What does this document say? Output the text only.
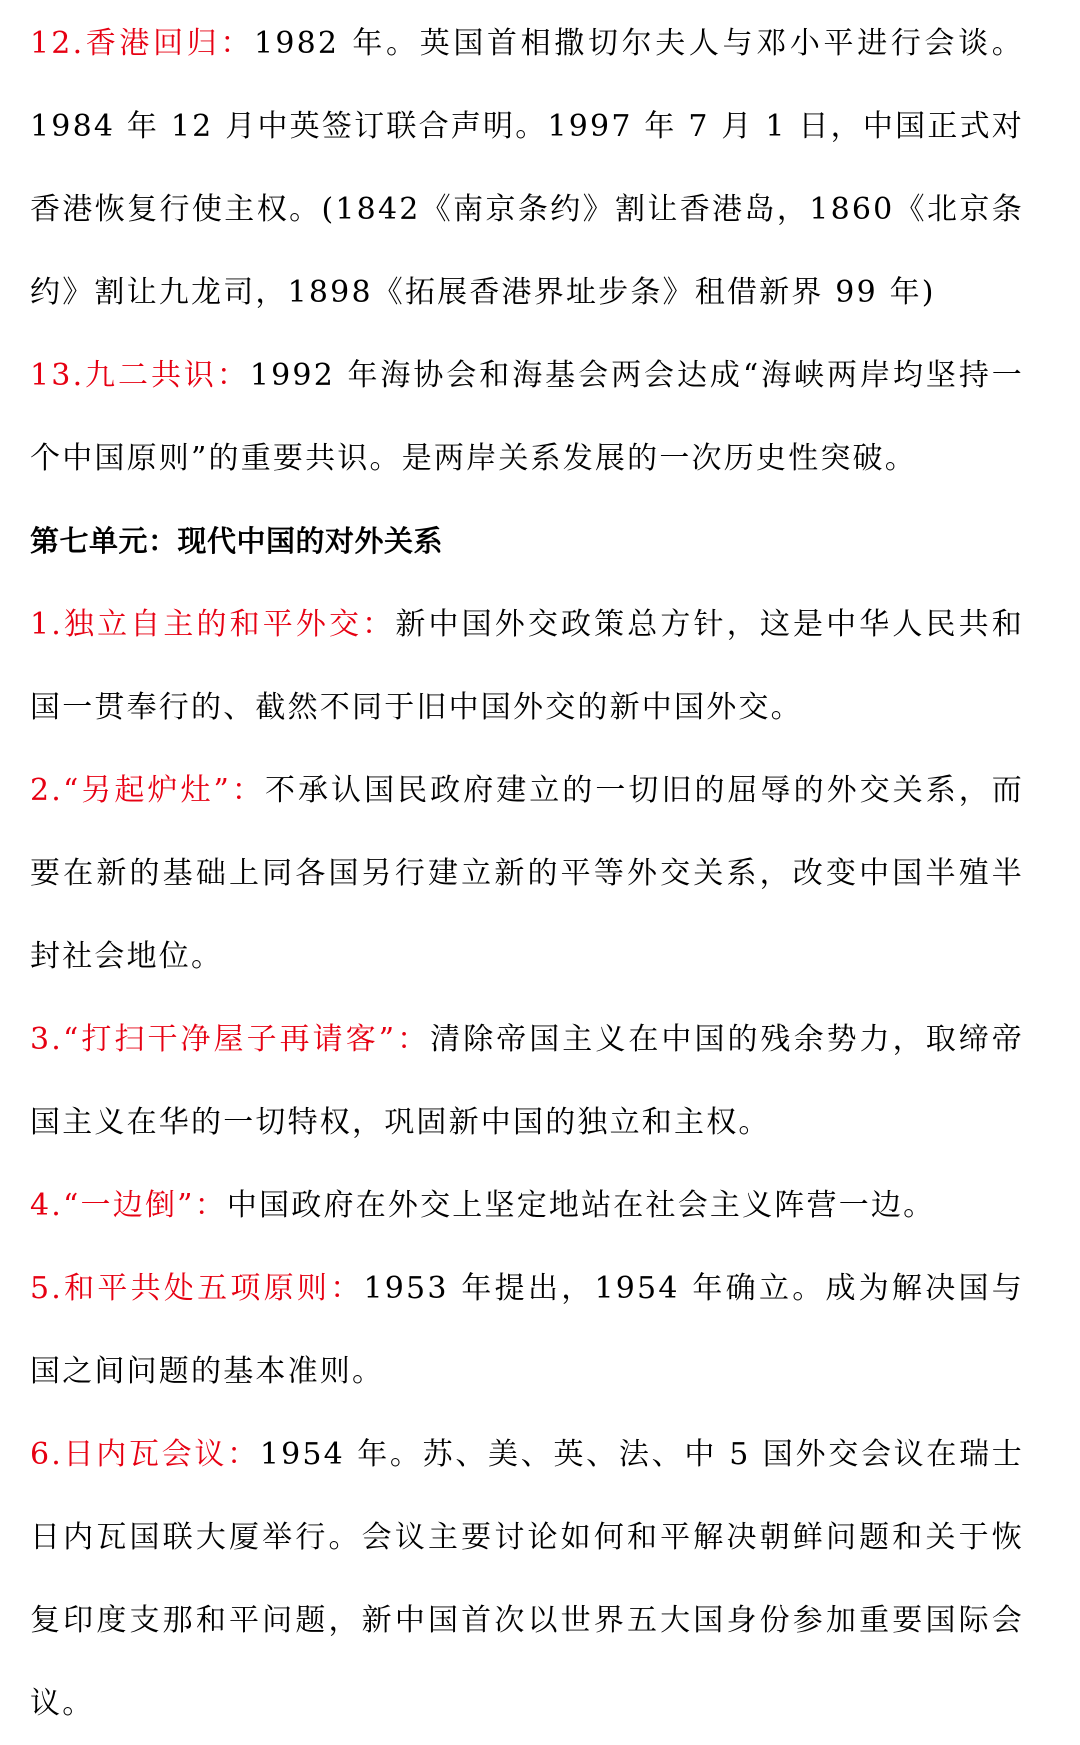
12.香港回归：1982 年。英国首相撒切尔夫人与邓小平进行会谈。1984 年 12 月中英签订联合声明。1997 年 7 月 1 日，中国正式对香港恢复行使主权。(1842《南京条约》割让香港岛，1860《北京条约》割让九龙司，1898《拓展香港界址步条》租借新界 99 年)

13.九二共识：1992 年海协会和海基会两会达成“海峡两岸均坚持一个中国原则”的重要共识。是两岸关系发展的一次历史性突破。

第七单元：现代中国的对外关系

1.独立自主的和平外交：新中国外交政策总方针，这是中华人民共和国一贯奉行的、截然不同于旧中国外交的新中国外交。

2.“另起炉灶”：不承认国民政府建立的一切旧的屈辱的外交关系，而要在新的基础上同各国另行建立新的平等外交关系，改变中国半殖半封社会地位。

3.“打扫干净屋子再请客”：清除帝国主义在中国的残余势力，取缔帝国主义在华的一切特权，巩固新中国的独立和主权。

4.“一边倒”：中国政府在外交上坚定地站在社会主义阵营一边。

5.和平共处五项原则：1953 年提出，1954 年确立。成为解决国与国之间问题的基本准则。

6.日内瓦会议：1954 年。苏、美、英、法、中 5 国外交会议在瑞士日内瓦国联大厦举行。会议主要讨论如何和平解决朝鲜问题和关于恢复印度支那和平问题，新中国首次以世界五大国身份参加重要国际会议。
